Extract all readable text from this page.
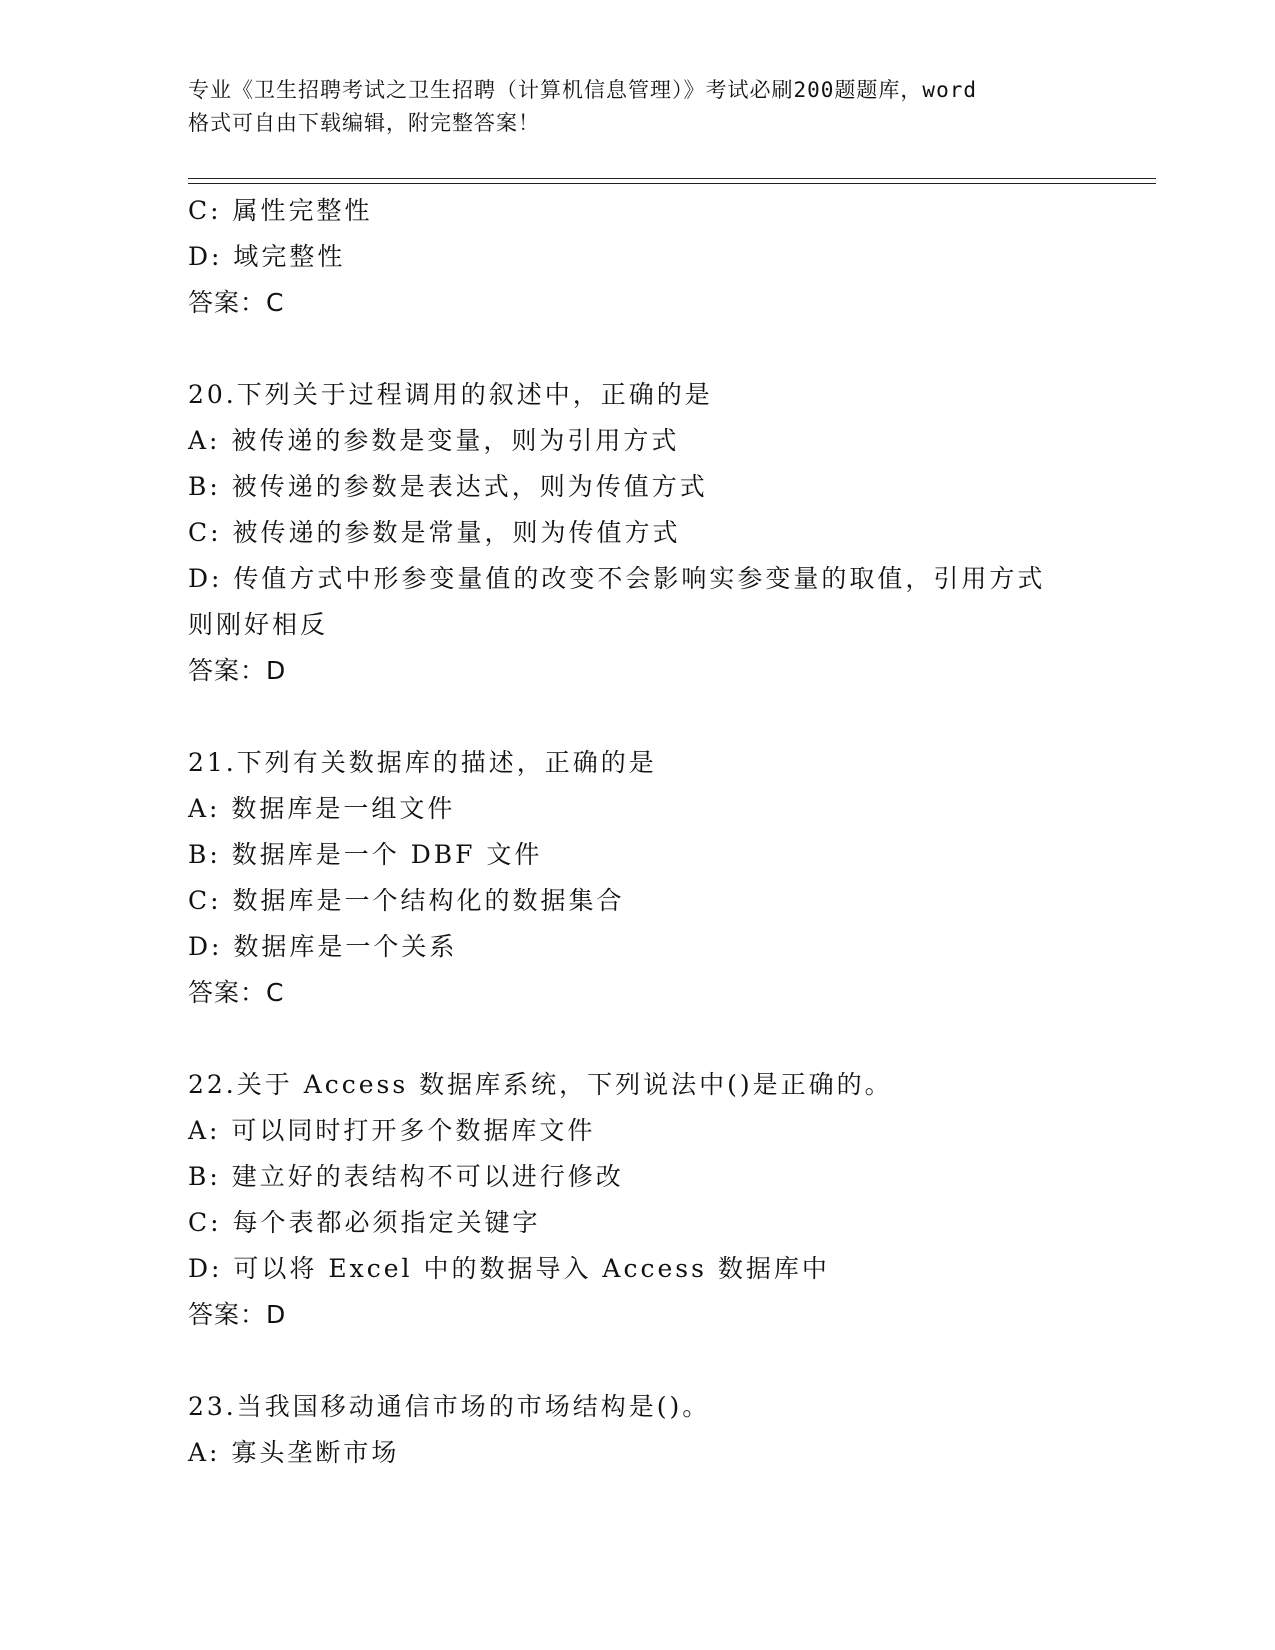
专业《卫生招聘考试之卫生招聘（计算机信息管理）》考试必刷200题题库，word
格式可自由下载编辑，附完整答案！
C: 属性完整性
D: 域完整性
答案：C
20.下列关于过程调用的叙述中，正确的是
A: 被传递的参数是变量，则为引用方式
B: 被传递的参数是表达式，则为传值方式
C: 被传递的参数是常量，则为传值方式
D: 传值方式中形参变量值的改变不会影响实参变量的取值，引用方式
则刚好相反
答案：D
21.下列有关数据库的描述，正确的是
A: 数据库是一组文件
B: 数据库是一个 DBF 文件
C: 数据库是一个结构化的数据集合
D: 数据库是一个关系
答案：C
22.关于 Access 数据库系统，下列说法中()是正确的。
A: 可以同时打开多个数据库文件
B: 建立好的表结构不可以进行修改
C: 每个表都必须指定关键字
D: 可以将 Excel 中的数据导入 Access 数据库中
答案：D
23.当我国移动通信市场的市场结构是()。
A: 寡头垄断市场
